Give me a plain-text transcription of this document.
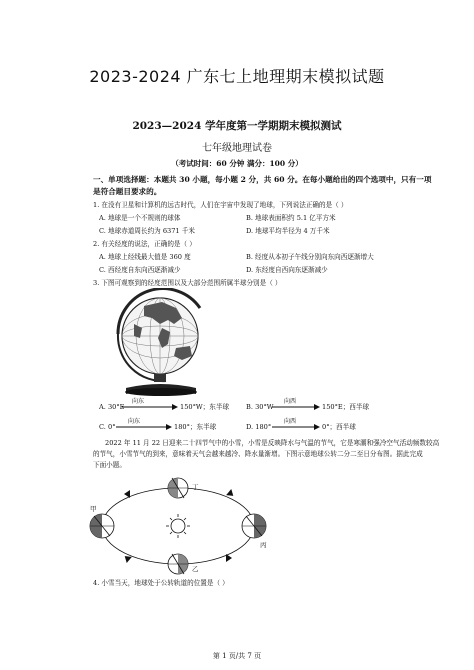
2023-2024 广东七上地理期末模拟试题
2023—2024 学年度第一学期期末模拟测试
七年级地理试卷
（考试时间：60 分钟 满分：100 分）
一、单项选择题：本题共 30 小题，每小题 2 分，共 60 分。在每小题给出的四个选项中，只有一项
是符合题目要求的。
1. 在没有卫星和计算机的远古时代，人们在宇宙中发现了地球，下列说法正确的是（ ）
A. 地球是一个不规则的球体	B. 地球表面积约 5.1 亿平方米
C. 地球赤道周长约为 6371 千米	D. 地球平均半径为 4 万千米
2. 有关经度的说法，正确的是（ ）
A. 地球上经线最大值是 360 度	B. 经度从本初子午线分别向东向西逐渐增大
C. 西经度自东向西逐渐减少	D. 东经度自西向东逐渐减少
3. 下图可观察到的经度范围以及大部分范围所属半球分别是（ ）
A. 30°E
向东
150°W；东半球	B. 30°W
向西
150°E；西半球
C. 0°
向东
180°；东半球	D. 180°
向西
0°；西半球
2022 年 11 月 22 日迎来二十四节气中的小雪，小雪是反映降水与气温的节气，它是寒潮和强冷空气活动频数较高
的节气，小雪节气的到来，意味着天气会越来越冷、降水量渐增。下图示意地球公转二分二至日分布图。据此完成
下面小题。
丁
甲
乙
丙
4. 小雪当天，地球处于公转轨道的位置是（ ）
第 1 页/共 7 页
